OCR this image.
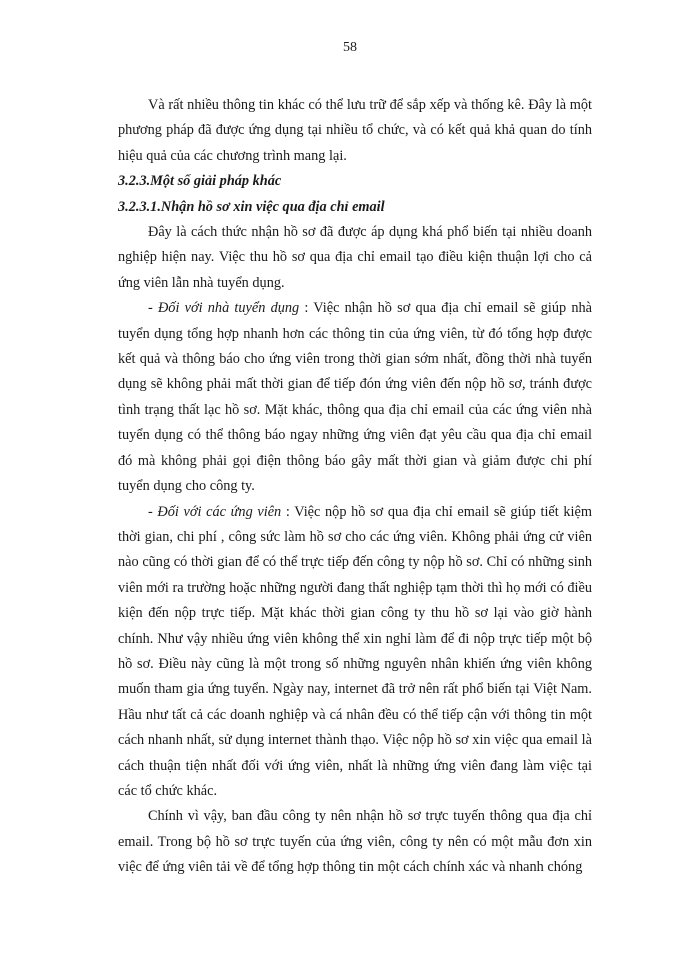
58

Và rất nhiều thông tin khác có thể lưu trữ để sắp xếp và thống kê. Đây là một phương pháp đã được ứng dụng tại nhiều tổ chức, và có kết quả khả quan do tính hiệu quả của các chương trình mang lại.

3.2.3.Một số giải pháp khác

3.2.3.1.Nhận hồ sơ xin việc qua địa chỉ email

Đây là cách thức nhận hồ sơ đã được áp dụng khá phổ biến tại nhiều doanh nghiệp hiện nay. Việc thu hồ sơ qua địa chỉ email tạo điều kiện thuận lợi cho cả ứng viên lẫn nhà tuyển dụng.

- Đối với nhà tuyển dụng : Việc nhận hồ sơ qua địa chỉ email sẽ giúp nhà tuyển dụng tổng hợp nhanh hơn các thông tin của ứng viên, từ đó tổng hợp được kết quả và thông báo cho ứng viên trong thời gian sớm nhất, đồng thời nhà tuyển dụng sẽ không phải mất thời gian để tiếp đón ứng viên đến nộp hồ sơ, tránh được tình trạng thất lạc hồ sơ. Mặt khác, thông qua địa chỉ email của các ứng viên nhà tuyển dụng có thể thông báo ngay những ứng viên đạt yêu cầu qua địa chỉ email đó mà không phải gọi điện thông báo gây mất thời gian và giảm được chi phí tuyển dụng cho công ty.

- Đối với các ứng viên : Việc nộp hồ sơ qua địa chỉ email sẽ giúp tiết kiệm thời gian, chi phí , công sức làm hồ sơ cho các ứng viên. Không phải ứng cử viên nào cũng có thời gian để có thể trực tiếp đến công ty nộp hồ sơ. Chỉ có những sinh viên mới ra trường hoặc những người đang thất nghiệp tạm thời thì họ mới có điều kiện đến nộp trực tiếp. Mặt khác thời gian công ty thu hồ sơ lại vào giờ hành chính. Như vậy nhiều ứng viên không thể xin nghỉ làm để đi nộp trực tiếp một bộ hồ sơ. Điều này cũng là một trong số những nguyên nhân khiến ứng viên không muốn tham gia ứng tuyển. Ngày nay, internet đã trở nên rất phổ biến tại Việt Nam. Hầu như tất cả các doanh nghiệp và cá nhân đều có thể tiếp cận với thông tin một cách nhanh nhất, sử dụng internet thành thạo. Việc nộp hồ sơ xin việc qua email là cách thuận tiện nhất đối với ứng viên, nhất là những ứng viên đang làm việc tại các tổ chức khác.

Chính vì vậy, ban đầu công ty nên nhận hồ sơ trực tuyến thông qua địa chỉ email. Trong bộ hồ sơ trực tuyến của ứng viên, công ty nên có một mẫu đơn xin việc để ứng viên tải về để tổng hợp thông tin một cách chính xác và nhanh chóng
